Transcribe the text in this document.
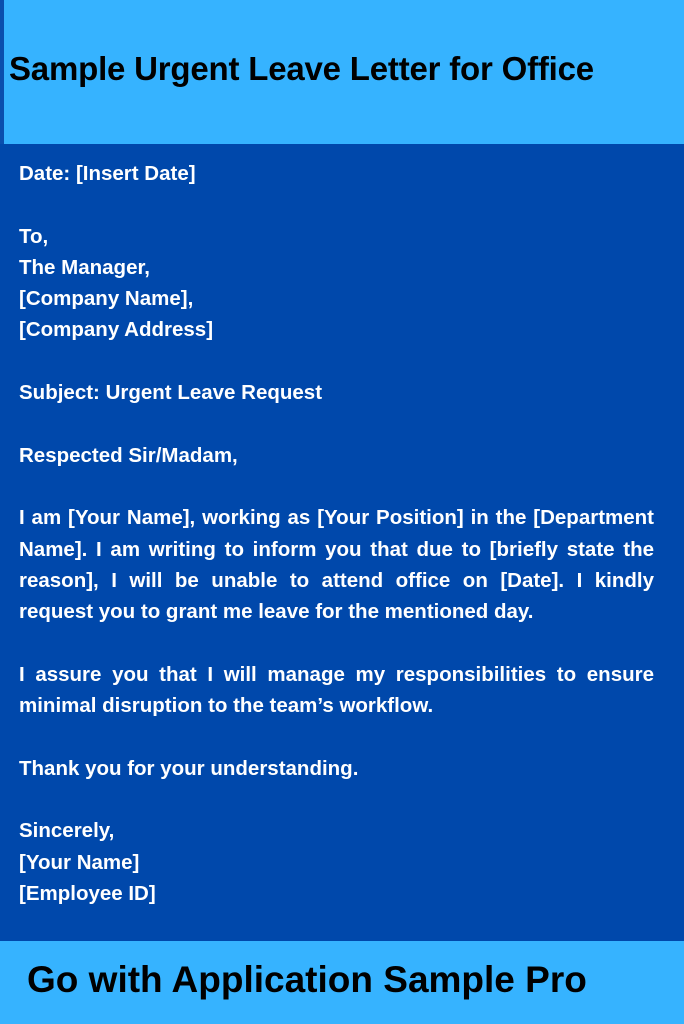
Sample Urgent Leave Letter for Office

Date: [Insert Date]

To,
The Manager,
[Company Name],
[Company Address]

Subject: Urgent Leave Request

Respected Sir/Madam,

I am [Your Name], working as [Your Position] in the [Department Name]. I am writing to inform you that due to [briefly state the reason], I will be unable to attend office on [Date]. I kindly request you to grant me leave for the mentioned day.

I assure you that I will manage my responsibilities to ensure minimal disruption to the team’s workflow.

Thank you for your understanding.

Sincerely,
[Your Name]
[Employee ID]

Go with Application Sample Pro
